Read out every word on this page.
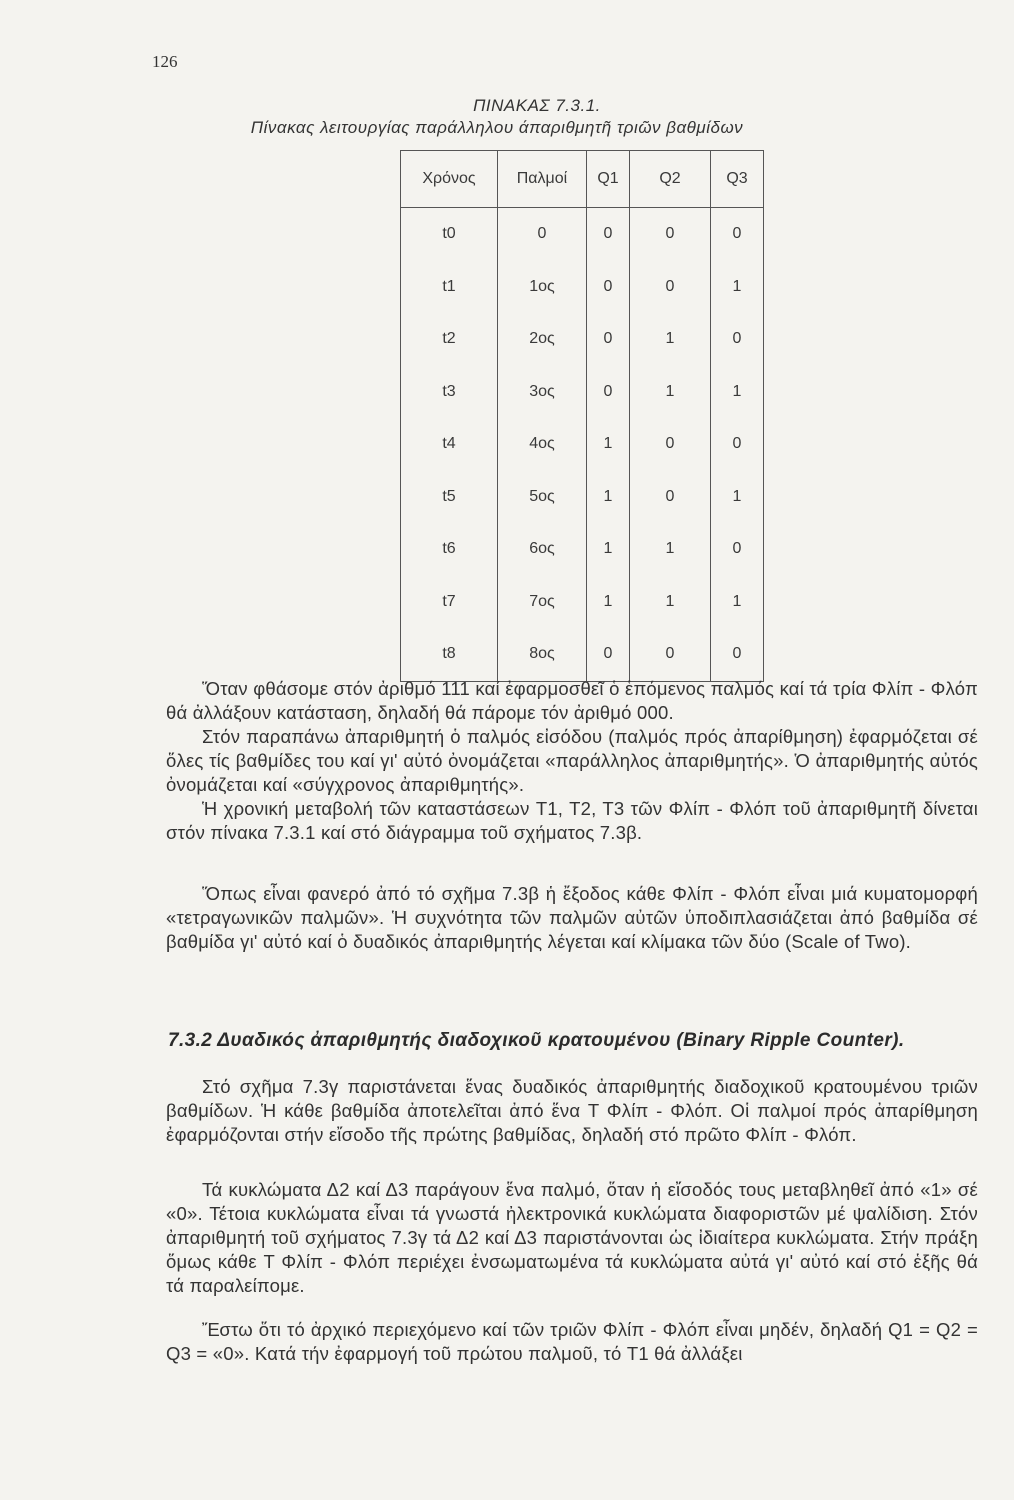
126
ΠΙΝΑΚΑΣ 7.3.1.
Πίνακας λειτουργίας παράλληλου άπαριθμητῆ τριῶν βαθμίδων
Χρόνος	Παλμοί	Q1	Q2	Q3
t0	0	0	0	0
t1	1ος	0	0	1
t2	2ος	0	1	0
t3	3ος	0	1	1
t4	4ος	1	0	0
t5	5ος	1	0	1
t6	6ος	1	1	0
t7	7ος	1	1	1
t8	8ος	0	0	0

Ὅταν φθάσομε στόν ἀριθμό 111 καί ἐφαρμοσθεῖ ὁ ἑπόμενος παλμός καί τά τρία Φλίπ - Φλόπ θά ἀλλάξουν κατάσταση, δηλαδή θά πάρομε τόν ἀριθμό 000.

Στόν παραπάνω ἀπαριθμητή ὁ παλμός εἰσόδου (παλμός πρός ἀπαρίθμηση) ἐφαρμόζεται σέ ὅλες τίς βαθμίδες του καί γι' αὐτό ὀνομάζεται «παράλληλος ἀπαριθμητής». Ὁ ἀπαριθμητής αὐτός ὀνομάζεται καί «σύγχρονος ἀπαριθμητής».

Ἡ χρονική μεταβολή τῶν καταστάσεων T1, T2, T3 τῶν Φλίπ - Φλόπ τοῦ ἀπαριθμητῆ δίνεται στόν πίνακα 7.3.1 καί στό διάγραμμα τοῦ σχήματος 7.3β.

Ὅπως εἶναι φανερό ἀπό τό σχῆμα 7.3β ἡ ἔξοδος κάθε Φλίπ - Φλόπ εἶναι μιά κυματομορφή «τετραγωνικῶν παλμῶν». Ἡ συχνότητα τῶν παλμῶν αὐτῶν ὑποδιπλασιάζεται ἀπό βαθμίδα σέ βαθμίδα γι' αὐτό καί ὁ δυαδικός ἀπαριθμητής λέγεται καί κλίμακα τῶν δύο (Scale of Two).

7.3.2 Δυαδικός ἀπαριθμητής διαδοχικοῦ κρατουμένου (Binary Ripple Counter).

Στό σχῆμα 7.3γ παριστάνεται ἕνας δυαδικός ἀπαριθμητής διαδοχικοῦ κρατουμένου τριῶν βαθμίδων. Ἡ κάθε βαθμίδα ἀποτελεῖται ἀπό ἕνα T Φλίπ - Φλόπ. Οἱ παλμοί πρός ἀπαρίθμηση ἐφαρμόζονται στήν εἴσοδο τῆς πρώτης βαθμίδας, δηλαδή στό πρῶτο Φλίπ - Φλόπ.

Τά κυκλώματα Δ2 καί Δ3 παράγουν ἕνα παλμό, ὅταν ἡ εἴσοδός τους μεταβληθεῖ ἀπό «1» σέ «0». Τέτοια κυκλώματα εἶναι τά γνωστά ἠλεκτρονικά κυκλώματα διαφοριστῶν μέ ψαλίδιση. Στόν ἀπαριθμητή τοῦ σχήματος 7.3γ τά Δ2 καί Δ3 παριστάνονται ὡς ἰδιαίτερα κυκλώματα. Στήν πράξη ὅμως κάθε T Φλίπ - Φλόπ περιέχει ἐνσωματωμένα τά κυκλώματα αὐτά γι' αὐτό καί στό ἑξῆς θά τά παραλείπομε.

Ἔστω ὅτι τό ἀρχικό περιεχόμενο καί τῶν τριῶν Φλίπ - Φλόπ εἶναι μηδέν, δηλαδή Q1 = Q2 = Q3 = «0». Κατά τήν ἐφαρμογή τοῦ πρώτου παλμοῦ, τό T1 θά ἀλλάξει
